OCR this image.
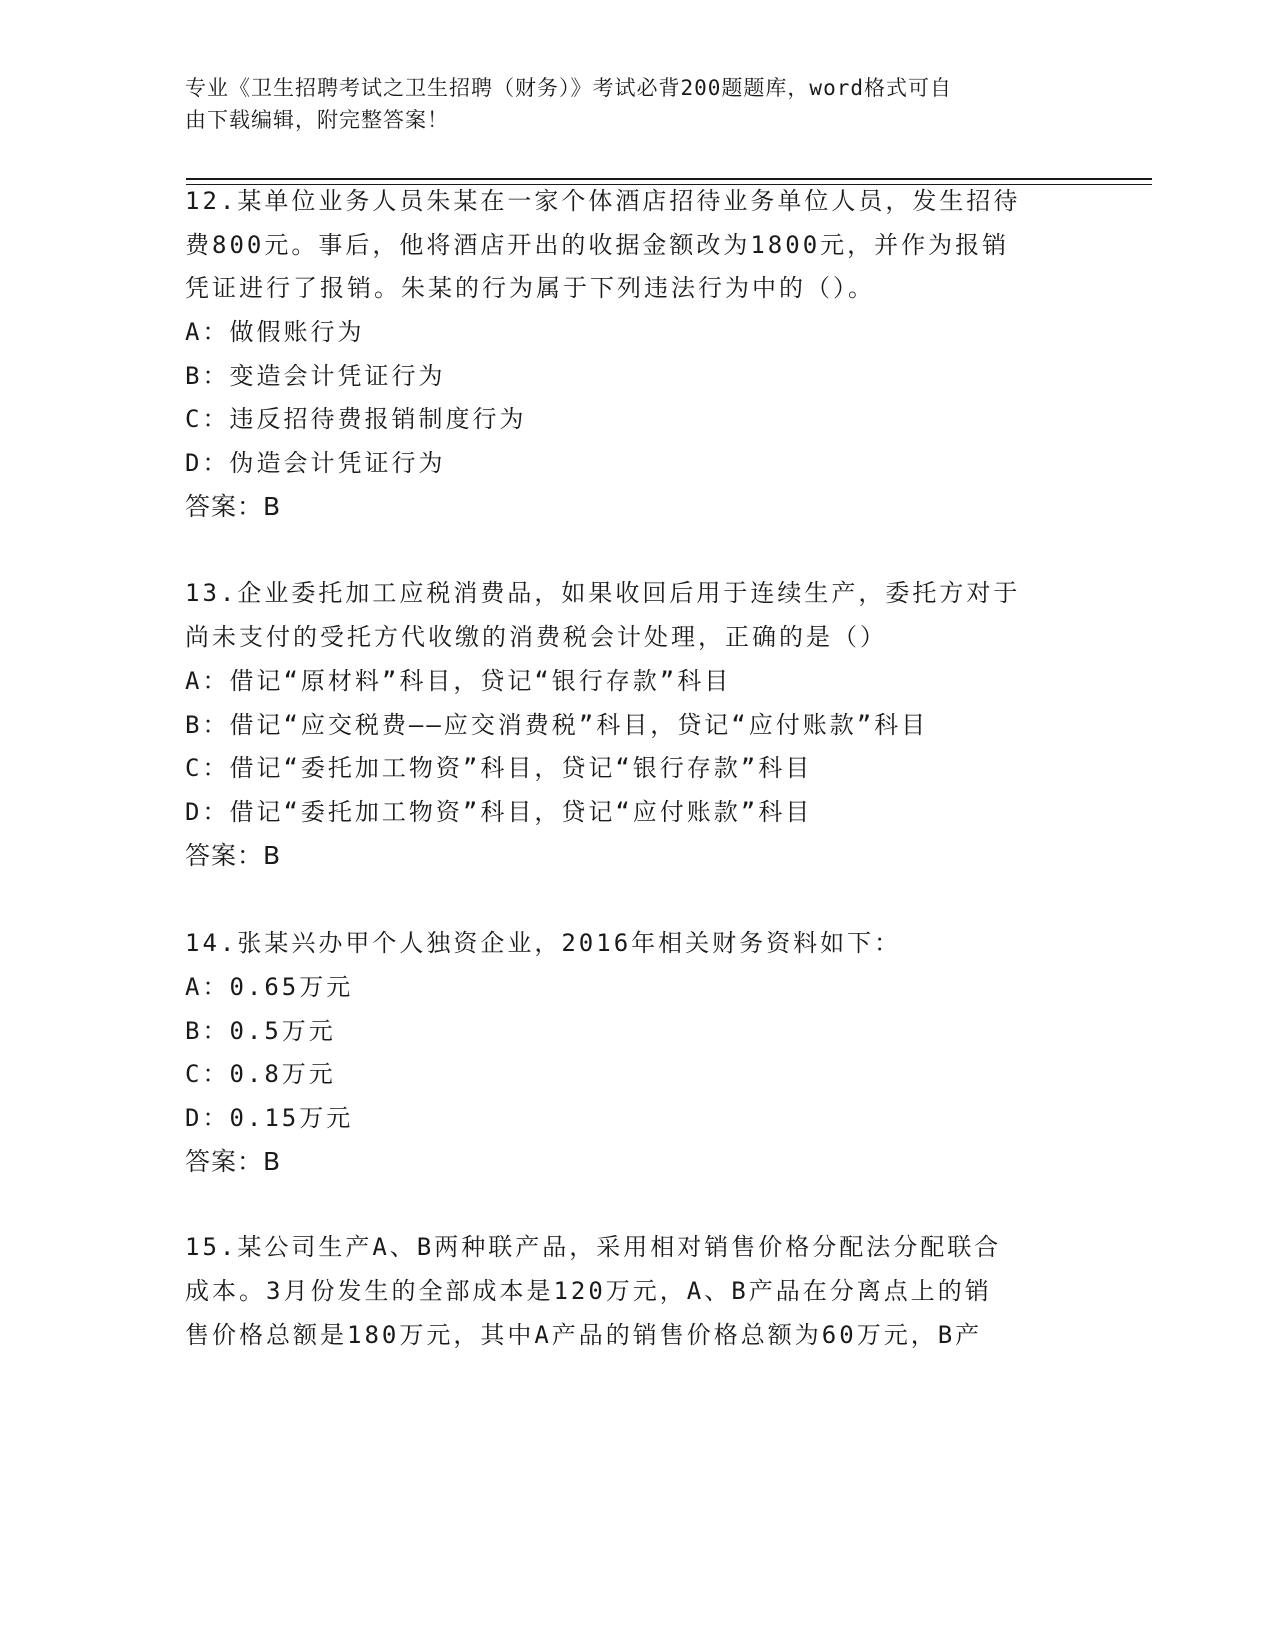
专业《卫生招聘考试之卫生招聘（财务）》考试必背200题题库，word格式可自
由下载编辑，附完整答案！
12.某单位业务人员朱某在一家个体酒店招待业务单位人员，发生招待
费800元。事后，他将酒店开出的收据金额改为1800元，并作为报销
凭证进行了报销。朱某的行为属于下列违法行为中的（）。
A：做假账行为
B：变造会计凭证行为
C：违反招待费报销制度行为
D：伪造会计凭证行为
答案：B
13.企业委托加工应税消费品，如果收回后用于连续生产，委托方对于
尚未支付的受托方代收缴的消费税会计处理，正确的是（）
A：借记“原材料”科目，贷记“银行存款”科目
B：借记“应交税费——应交消费税”科目，贷记“应付账款”科目
C：借记“委托加工物资”科目，贷记“银行存款”科目
D：借记“委托加工物资”科目，贷记“应付账款”科目
答案：B
14.张某兴办甲个人独资企业，2016年相关财务资料如下：
A：0.65万元
B：0.5万元
C：0.8万元
D：0.15万元
答案：B
15.某公司生产A、B两种联产品，采用相对销售价格分配法分配联合
成本。3月份发生的全部成本是120万元，A、B产品在分离点上的销
售价格总额是180万元，其中A产品的销售价格总额为60万元，B产
